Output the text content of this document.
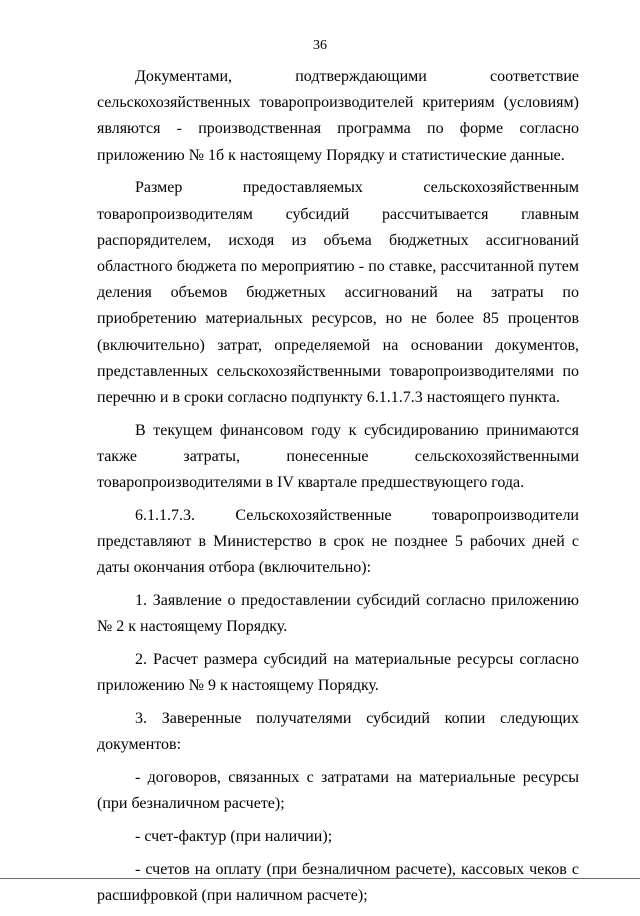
36

Документами, подтверждающими соответствие сельскохозяйственных товаропроизводителей критериям (условиям) являются - производственная программа по форме согласно приложению № 1б к настоящему Порядку и статистические данные.

Размер предоставляемых сельскохозяйственным товаропроизводителям субсидий рассчитывается главным распорядителем, исходя из объема бюджетных ассигнований областного бюджета по мероприятию - по ставке, рассчитанной путем деления объемов бюджетных ассигнований на затраты по приобретению материальных ресурсов, но не более 85 процентов (включительно) затрат, определяемой на основании документов, представленных сельскохозяйственными товаропроизводителями по перечню и в сроки согласно подпункту 6.1.1.7.3 настоящего пункта.

В текущем финансовом году к субсидированию принимаются также затраты, понесенные сельскохозяйственными товаропроизводителями в IV квартале предшествующего года.

6.1.1.7.3. Сельскохозяйственные товаропроизводители представляют в Министерство в срок не позднее 5 рабочих дней с даты окончания отбора (включительно):

1. Заявление о предоставлении субсидий согласно приложению № 2 к настоящему Порядку.

2. Расчет размера субсидий на материальные ресурсы согласно приложению № 9 к настоящему Порядку.

3. Заверенные получателями субсидий копии следующих документов:

- договоров, связанных с затратами на материальные ресурсы (при безналичном расчете);

- счет-фактур (при наличии);

- счетов на оплату (при безналичном расчете), кассовых чеков с расшифровкой (при наличном расчете);
